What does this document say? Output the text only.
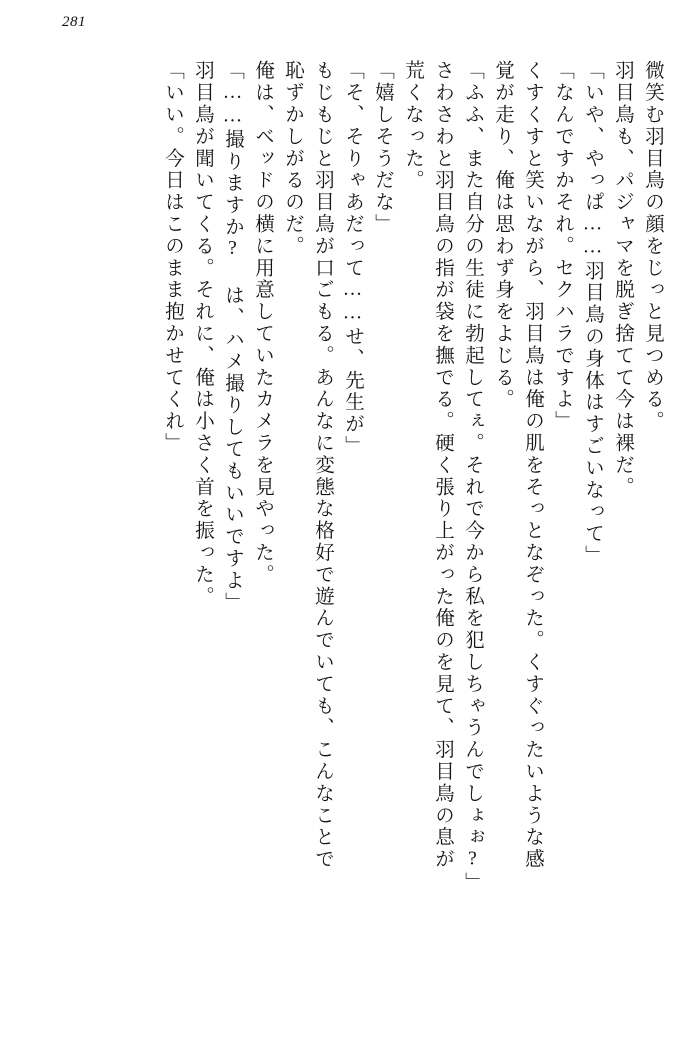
281
微笑む羽目鳥の顔をじっと見つめる。
羽目鳥も、パジャマを脱ぎ捨てて今は裸だ。
「いや、やっぱ……羽目鳥の身体はすごいなって」
「なんですかそれ。セクハラですよ」
くすくすと笑いながら、羽目鳥は俺の肌をそっとなぞった。くすぐったいような感
覚が走り、俺は思わず身をよじる。
「ふふ、また自分の生徒に勃起してぇ。それで今から私を犯しちゃうんでしょぉ?」
さわさわと羽目鳥の指が袋を撫でる。硬く張り上がった俺のを見て、羽目鳥の息が
荒くなった。
「嬉しそうだな」
「そ、そりゃあだって……せ、先生が」
もじもじと羽目鳥が口ごもる。あんなに変態な格好で遊んでいても、こんなことで
恥ずかしがるのだ。
俺は、ベッドの横に用意していたカメラを見やった。
「……撮りますか? は、ハメ撮りしてもいいですよ」
羽目鳥が聞いてくる。それに、俺は小さく首を振った。
「いい。今日はこのまま抱かせてくれ」
